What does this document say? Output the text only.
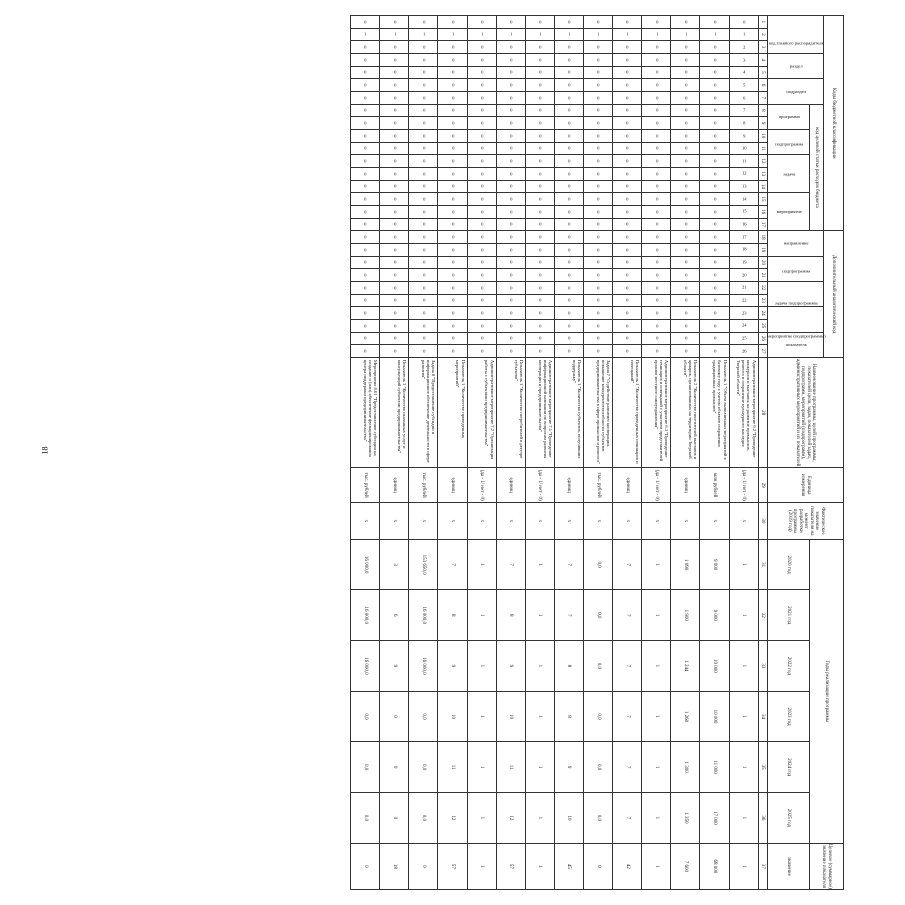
18
Коды бюджетной классификации																	Дополнительный аналитический код										Наименование программы, целей программы, показателей цели, задач, показателей задач, подпрограмм, мероприятий (подпрограмм), административных мероприятий и их показателей	Единица измерения	Фактическое значение показателя на момент разработки программы (2019 год)	Годы реализации программы						Целевое (суммарное) значение показателя
код главного распорядителя			раздел		подраздел		код целевой статьи расходов бюджета										направление		подпрограмма		задача подпрограммы		мероприятие (подпрограммы)		показатель											
							программа		подпрограмма		задача			мероприятие																2020 год	2021 год	2022 год	2023 год	2024 год	2025 год	значение
1	2	3	4	5	6	7	8	9	10	11	12	13	14	15	16	17	18	19	20	21	22	23	24	25	26	27	28	29	30	31	32	33	34	35	36	37
0	1	2	3	4	5	6	7	8	9	10	11	12	13	14	15	16	17	18	19	20	21	22	23	24	25	26	Административное мероприятие 6.2 "Проведение конкурсов и выставок на развитие промыслов, ремесел и сохранение культурного наследия Тверской области"	(да - 1/ нет - 0)	x	1	1	1	1	1	1	1
0	1	0	0	0	0	0	0	0	0	0	0	0	0	0	0	0	0	0	0	0	0	0	0	0	0	0	Показатель 1 "Объем выполненных мероприятий к базовому году с учетом объемов сохранения традиционных промыслов"	млн рублей	x	9 000	9 000	10 000	10 000	11 000	17 000	68 000
0	1	0	0	0	0	0	0	0	0	0	0	0	0	0	0	0	0	0	0	0	0	0	0	0	0	0	Показатель 2 "Количество посетителей выставок и ярмарок, организованных на территории Тверской области"	единиц	x	1 090	1 900	1 244	1 260	1 300	1 350	7 600
0	1	0	0	0	0	0	0	0	0	0	0	0	0	0	0	0	0	0	0	0	0	0	0	0	0	0	Административное мероприятие 6.3 "Проведение семинаров и совещаний с участием представителей органов местного самоуправления"	(да - 1/ нет - 0)	x	1	1	1	1	1	1	1
0	1	0	0	0	0	0	0	0	0	0	0	0	0	0	0	0	0	0	0	0	0	0	0	0	0	0	Показатель 1 "Количество проведенных семинаров и совещаний"	единиц	x	7	7	7	7	7	7	42
0	1	0	0	0	0	0	0	0	0	0	0	0	0	0	0	0	0	0	0	0	0	0	0	0	0	0	Задача 7 "Содействие развитию кооперации, повышение конкурентоспособности субъектов предпринимательства в сфере промыслов и ремесел"	тыс. рублей	x	0,0	0,0	0,0	0,0	0,0	0,0	0
0	1	0	0	0	0	0	0	0	0	0	0	0	0	0	0	0	0	0	0	0	0	0	0	0	0	0	Показатель 1 "Количество субъектов, получивших поддержку"	единиц	x	7	7	8	8	9	10	45
0	1	0	0	0	0	0	0	0	0	0	0	0	0	0	0	0	0	0	0	0	0	0	0	0	0	0	Административное мероприятие 7.1 "Проведение информационной кампании по вопросам развития кооперации и предпринимательства"	(да - 1/ нет - 0)	x	1	1	1	1	1	1	1
0	1	0	0	0	0	0	0	0	0	0	0	0	0	0	0	0	0	0	0	0	0	0	0	0	0	0	Показатель 1 "Количество потребителей в реестре субъектов"	единиц	x	7	8	9	10	11	12	57
0	1	0	0	0	0	0	0	0	0	0	0	0	0	0	0	0	0	0	0	0	0	0	0	0	0	0	Административное мероприятие 7.2 "Организация работы с субъектами предпринимательства"	(да - 1/ нет - 0)	x	1	1	1	1	1	1	1
0	1	0	0	0	0	0	0	0	0	0	0	0	0	0	0	0	0	0	0	0	0	0	0	0	0	0	Показатель 1 "Количество проведенных мероприятий"	единиц	x	7	8	9	10	11	12	57
0	1	0	0	0	0	0	0	0	0	0	0	0	0	0	0	0	0	0	0	0	0	0	0	0	0	0	Задача 8 "Предоставление субсидии и информационное обеспечение деятельности в сфере развития"	тыс. рублей	x	153 650,0	16 000,0	16 000,0	0,0	0,0	0,0	0
0	1	0	0	0	0	0	0	0	0	0	0	0	0	0	0	0	0	0	0	0	0	0	0	0	0	0	Показатель 1 "Количество оказанных услуг и консультаций субъектам предпринимательства"	единиц	x	3	6	9	0	0	0	18
0	1	0	0	0	0	0	0	0	0	0	0	0	0	0	0	0	0	0	0	0	0	0	0	0	0	0	Мероприятие 8.01 "Предоставление субсидии на создание и (или) обеспечение функционирования центра поддержки предпринимательства"	тыс. рублей	x	16 000,0	16 000,0	16 000,0	0,0	0,0	0,0	0
